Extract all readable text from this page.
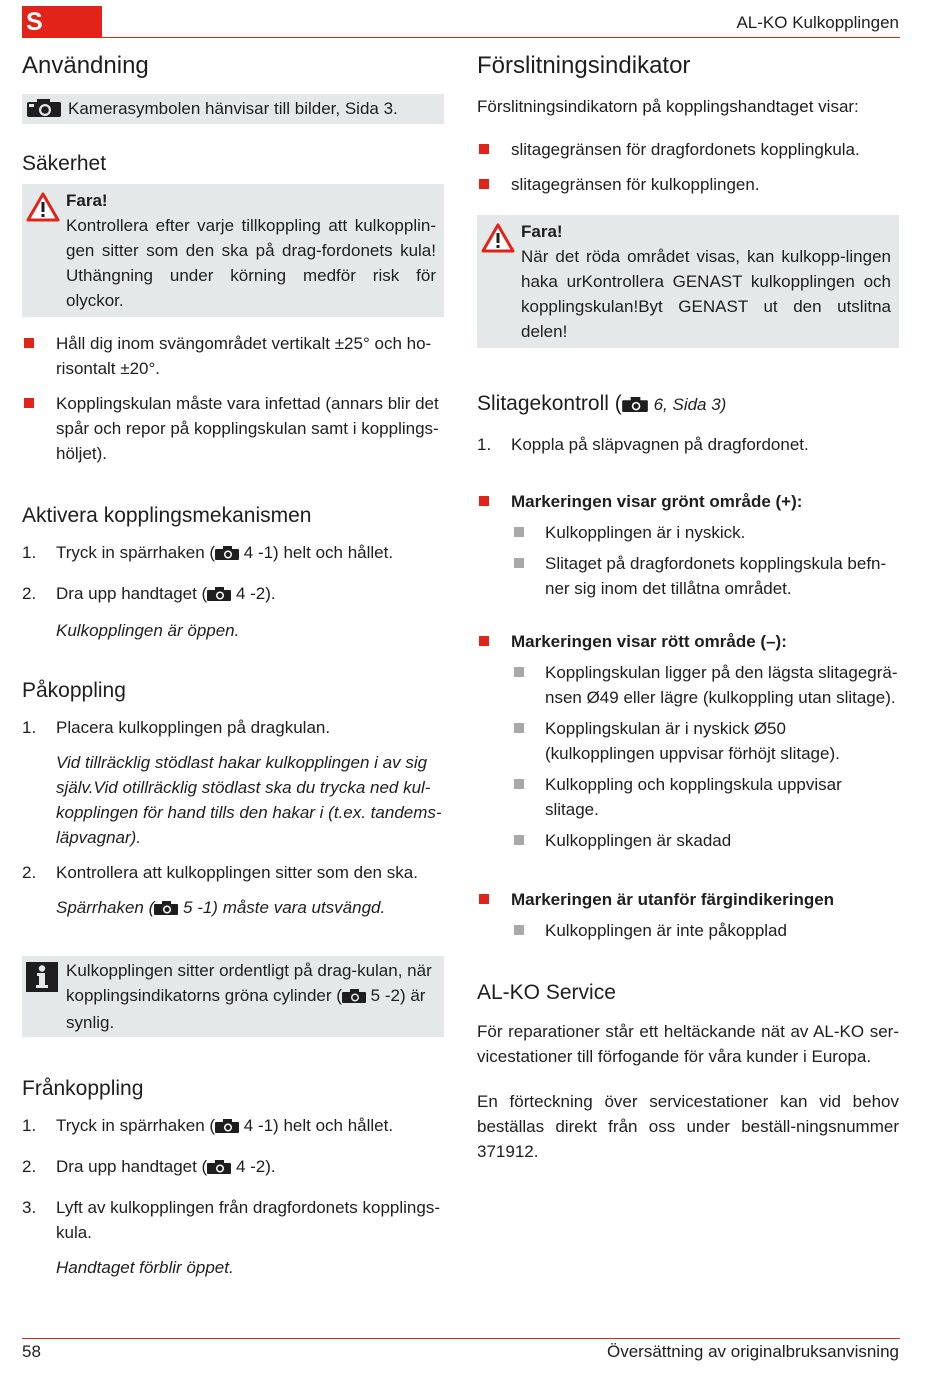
S	AL-KO Kulkopplingen
58	Översättning av originalbruksanvisning
Användning
Kamerasymbolen hänvisar till bilder, Sida 3.
Säkerhet
Fara!
Kontrollera efter varje tillkoppling att kulkopplin-gen sitter som den ska på drag-fordonets kula! Uthängning under körning medför risk för olyckor.
Håll dig inom svängområdet vertikalt ±25° och ho-risontalt ±20°.
Kopplingskulan måste vara infettad (annars blir det spår och repor på kopplingskulan samt i kopplings-höljet).
Aktivera kopplingsmekanismen
1. Tryck in spärrhaken ( 4 -1) helt och hållet.
2. Dra upp handtaget ( 4 -2).

Kulkopplingen är öppen.

Påkoppling
1. Placera kulkopplingen på dragkulan.

Vid tillräcklig stödlast hakar kulkopplingen i av sig själv.Vid otillräcklig stödlast ska du trycka ned kul-kopplingen för hand tills den hakar i (t.ex. tandems-läpvagnar).

2. Kontrollera att kulkopplingen sitter som den ska.

Spärrhaken ( 5 -1) måste vara utsvängd.

Kulkopplingen sitter ordentligt på drag-kulan, när kopplingsindikatorns gröna cylinder ( 5 -2) är synlig.
Frånkoppling
1. Tryck in spärrhaken ( 4 -1) helt och hållet.
2. Dra upp handtaget ( 4 -2).
3. Lyft av kulkopplingen från dragfordonets kopplings-kula.

Handtaget förblir öppet.

Förslitningsindikator

Förslitningsindikatorn på kopplingshandtaget visar:

slitagegränsen för dragfordonets kopplingkula.
slitagegränsen för kulkopplingen.
Fara!
När det röda området visas, kan kulkopp-lingen haka urKontrollera GENAST kulkopplingen och kopplingskulan!Byt GENAST ut den utslitna delen!
Slitagekontroll ( 6, Sida 3)
1. Koppla på släpvagnen på dragfordonet.
Markeringen visar grönt område (+):
Kulkopplingen är i nyskick.
Slitaget på dragfordonets kopplingskula befn-ner sig inom det tillåtna området.
Markeringen visar rött område (–):
Kopplingskulan ligger på den lägsta slitagegrä-nsen Ø49 eller lägre (kulkoppling utan slitage).
Kopplingskulan är i nyskick Ø50 (kulkopplingen uppvisar förhöjt slitage).
Kulkoppling och kopplingskula uppvisar slitage.
Kulkopplingen är skadad
Markeringen är utanför färgindikeringen
Kulkopplingen är inte påkopplad
AL-KO Service

För reparationer står ett heltäckande nät av AL-KO ser-vicestationer till förfogande för våra kunder i Europa.

En förteckning över servicestationer kan vid behov beställas direkt från oss under beställ-ningsnummer 371912.
